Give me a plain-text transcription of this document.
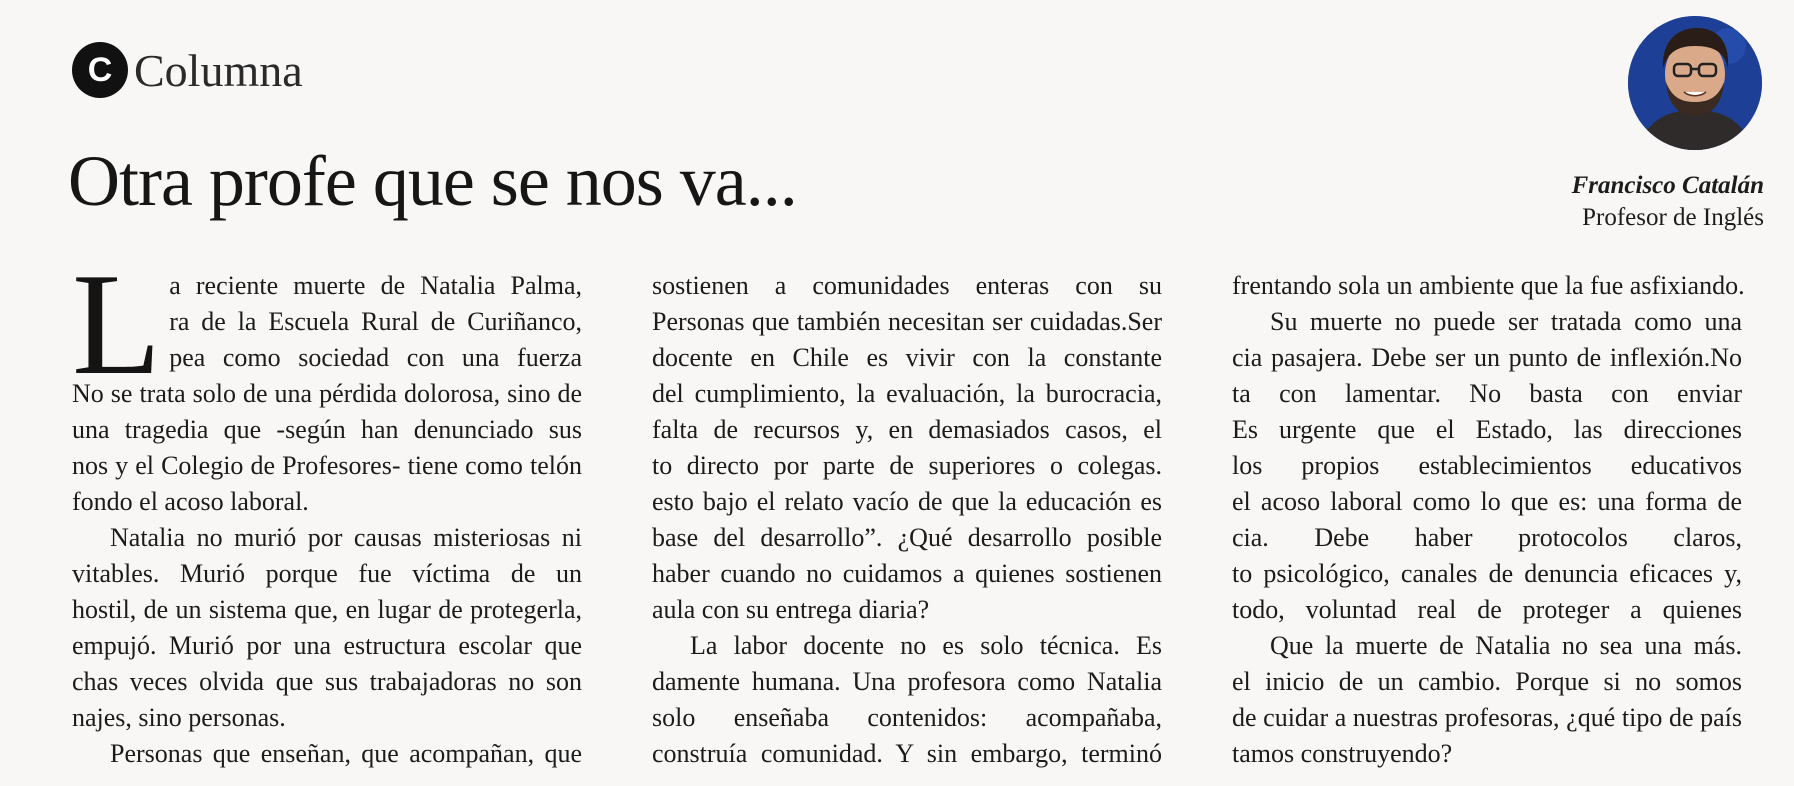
C Columna
Otra profe que se nos va...	Francisco Catalán
Profesor de Inglés
L a reciente muerte de Natalia Palma,
ra de la Escuela Rural de Curiñanco,
pea como sociedad con una fuerza
No se trata solo de una pérdida dolorosa, sino de
una tragedia que -según han denunciado sus
nos y el Colegio de Profesores- tiene como telón
fondo el acoso laboral.
Natalia no murió por causas misteriosas ni
vitables. Murió porque fue víctima de un
hostil, de un sistema que, en lugar de protegerla,
empujó. Murió por una estructura escolar que
chas veces olvida que sus trabajadoras no son
najes, sino personas.
Personas que enseñan, que acompañan, que
sostienen a comunidades enteras con su
Personas que también necesitan ser cuidadas.Ser
docente en Chile es vivir con la constante
del cumplimiento, la evaluación, la burocracia,
falta de recursos y, en demasiados casos, el
to directo por parte de superiores o colegas.
esto bajo el relato vacío de que la educación es
base del desarrollo”. ¿Qué desarrollo posible
haber cuando no cuidamos a quienes sostienen
aula con su entrega diaria?
La labor docente no es solo técnica. Es
damente humana. Una profesora como Natalia
solo enseñaba contenidos: acompañaba,
construía comunidad. Y sin embargo, terminó
frentando sola un ambiente que la fue asfixiando.
Su muerte no puede ser tratada como una
cia pasajera. Debe ser un punto de inflexión.No
ta con lamentar. No basta con enviar
Es urgente que el Estado, las direcciones
los propios establecimientos educativos
el acoso laboral como lo que es: una forma de
cia. Debe haber protocolos claros,
to psicológico, canales de denuncia eficaces y,
todo, voluntad real de proteger a quienes
Que la muerte de Natalia no sea una más.
el inicio de un cambio. Porque si no somos
de cuidar a nuestras profesoras, ¿qué tipo de país
tamos construyendo?
